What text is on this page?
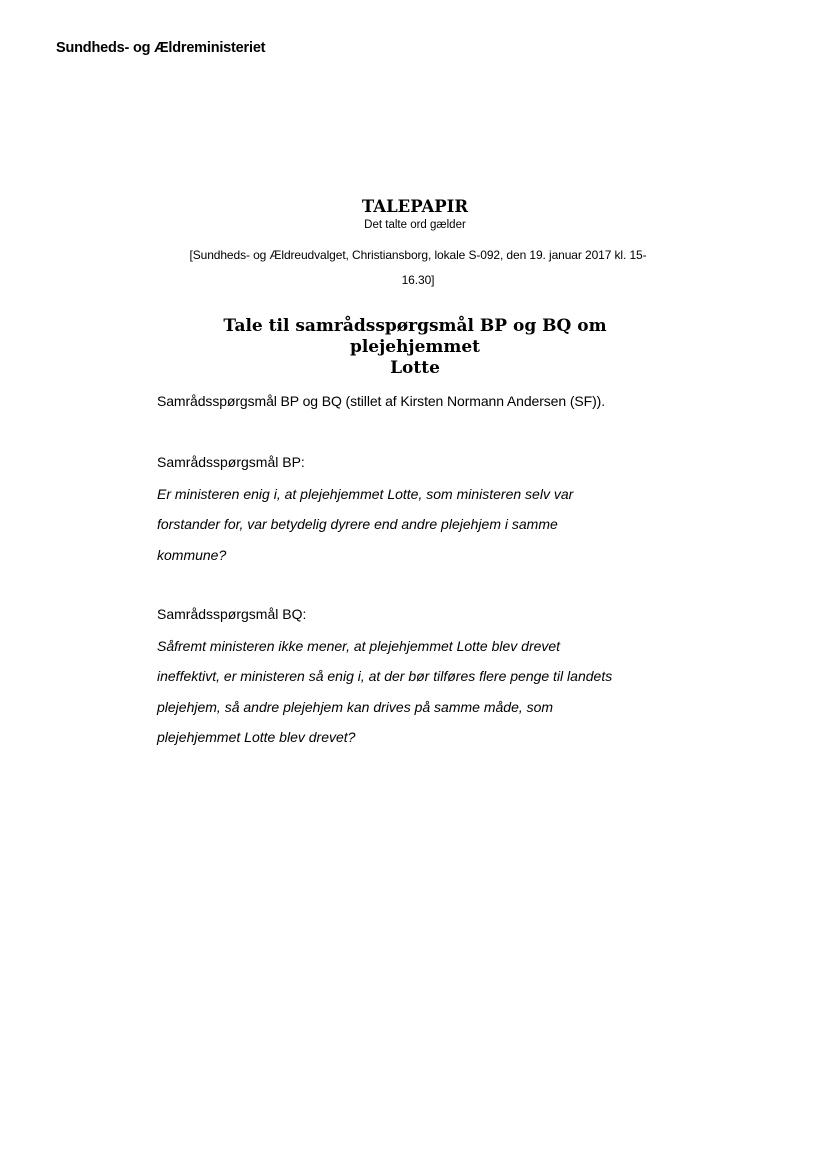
Sundheds- og Ældreministeriet
TALEPAPIR
Det talte ord gælder
[Sundheds- og Ældreudvalget, Christiansborg, lokale S-092, den 19. januar 2017 kl. 15-
16.30]
Tale til samrådsspørgsmål BP og BQ om plejehjemmet
Lotte
Samrådsspørgsmål BP og BQ (stillet af Kirsten Normann Andersen (SF)).
Samrådsspørgsmål BP:
Er ministeren enig i, at plejehjemmet Lotte, som ministeren selv var
forstander for, var betydelig dyrere end andre plejehjem i samme
kommune?
Samrådsspørgsmål BQ:
Såfremt ministeren ikke mener, at plejehjemmet Lotte blev drevet
ineffektivt, er ministeren så enig i, at der bør tilføres flere penge til landets
plejehjem, så andre plejehjem kan drives på samme måde, som
plejehjemmet Lotte blev drevet?
